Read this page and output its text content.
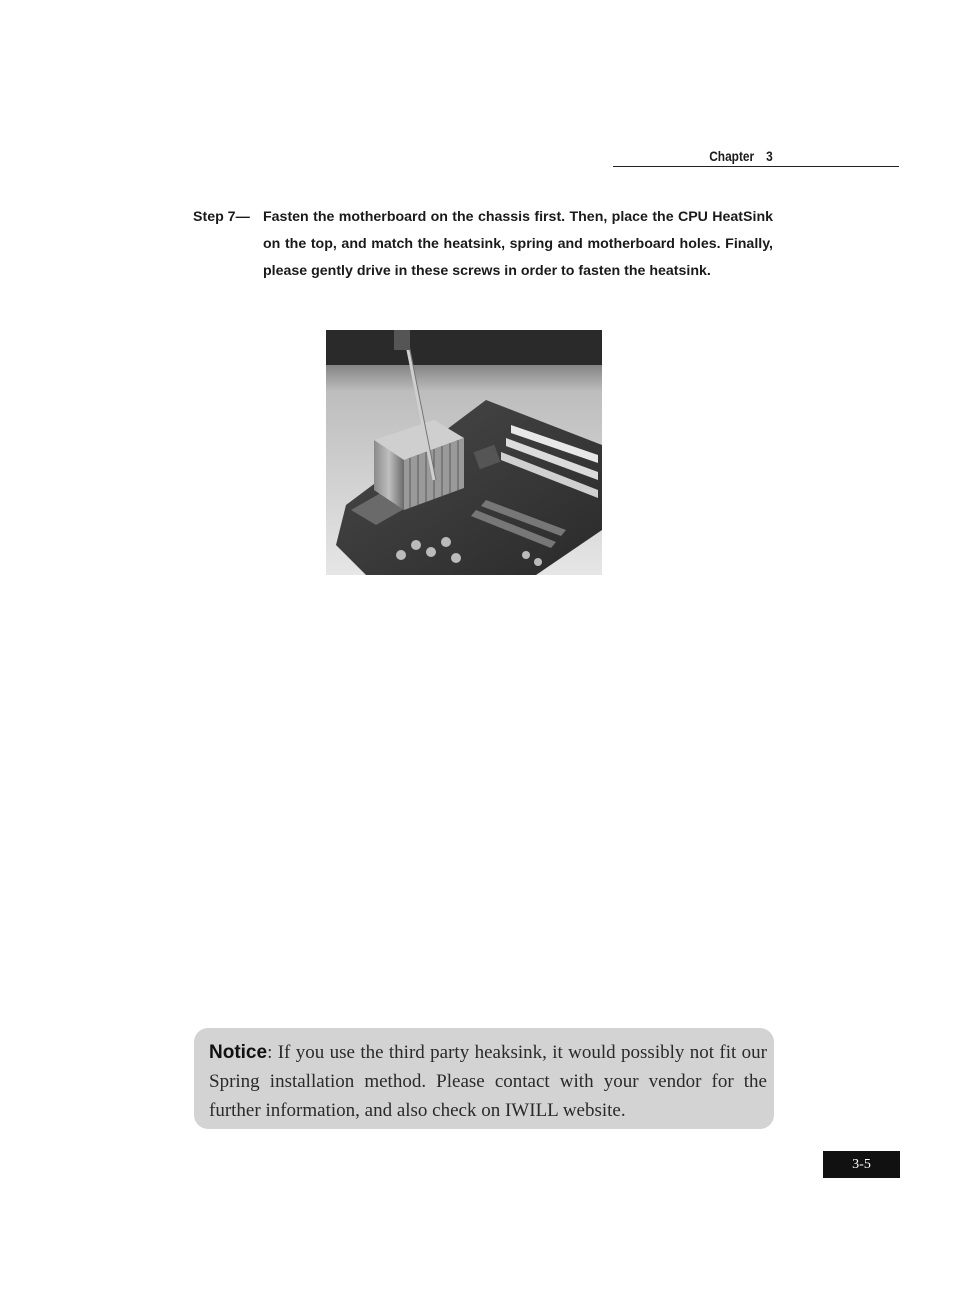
Chapter 3
Step 7— Fasten the motherboard on the chassis first. Then, place the CPU HeatSink on the top, and match the heatsink, spring and motherboard holes. Finally, please gently drive in these screws in order to fasten the heatsink.
Notice: If you use the third party heaksink, it would possibly not fit our Spring installation method. Please contact with your vendor for the further information, and also check on IWILL website.
3-5
